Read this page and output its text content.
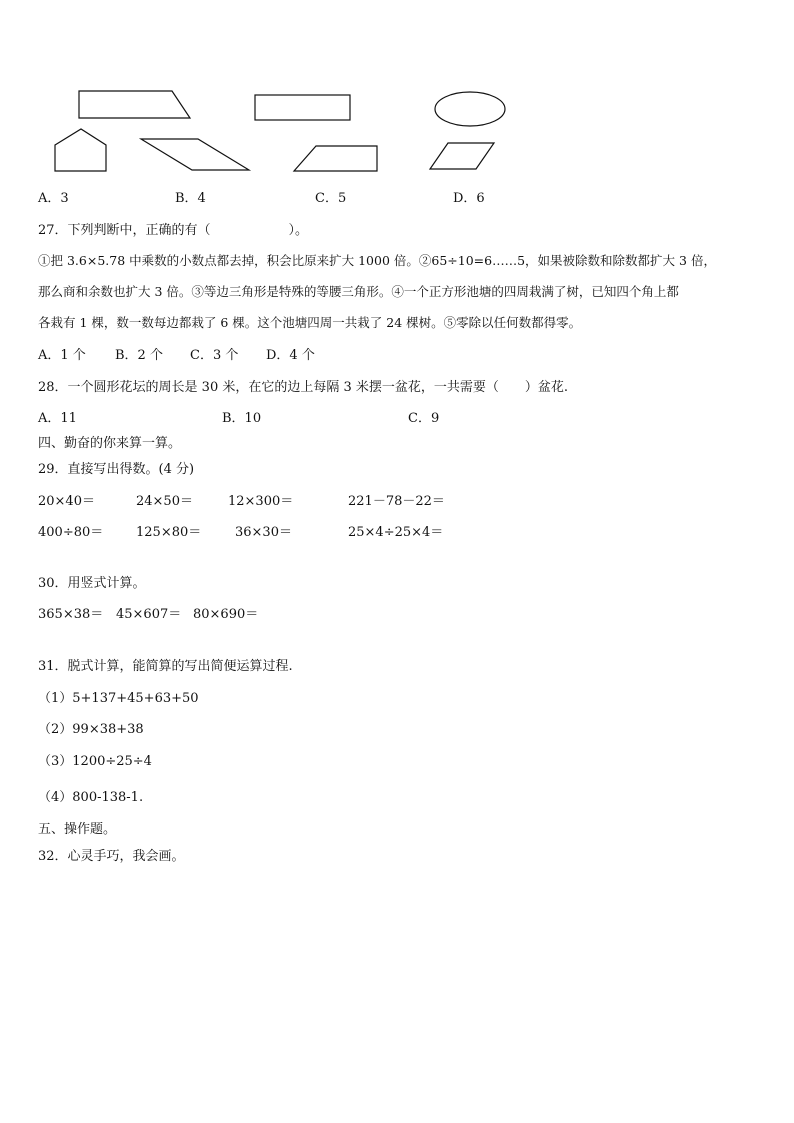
A．3	B．4	C．5	D．6
27．下列判断中，正确的有（　　　　　　）。
①把 3.6×5.78 中乘数的小数点都去掉，积会比原来扩大 1000 倍。②65÷10=6……5，如果被除数和除数都扩大 3 倍，
那么商和余数也扩大 3 倍。③等边三角形是特殊的等腰三角形。④一个正方形池塘的四周栽满了树，已知四个角上都
各栽有 1 棵，数一数每边都栽了 6 棵。这个池塘四周一共栽了 24 棵树。⑤零除以任何数都得零。
A．1 个 B．2 个 C．3 个 D．4 个
28．一个圆形花坛的周长是 30 米，在它的边上每隔 3 米摆一盆花，一共需要（　　）盆花.
A．11	B．10	C．9
四、勤奋的你来算一算。
29．直接写出得数。(4 分)
20×40＝	24×50＝	12×300＝	221－78－22＝
400÷80＝	125×80＝	36×30＝	25×4÷25×4＝
30．用竖式计算。
365×38＝ 45×607＝ 80×690＝
31．脱式计算，能简算的写出简便运算过程.
（1）5+137+45+63+50
（2）99×38+38
（3）1200÷25÷4
（4）800-138-1.
五、操作题。
32．心灵手巧，我会画。
